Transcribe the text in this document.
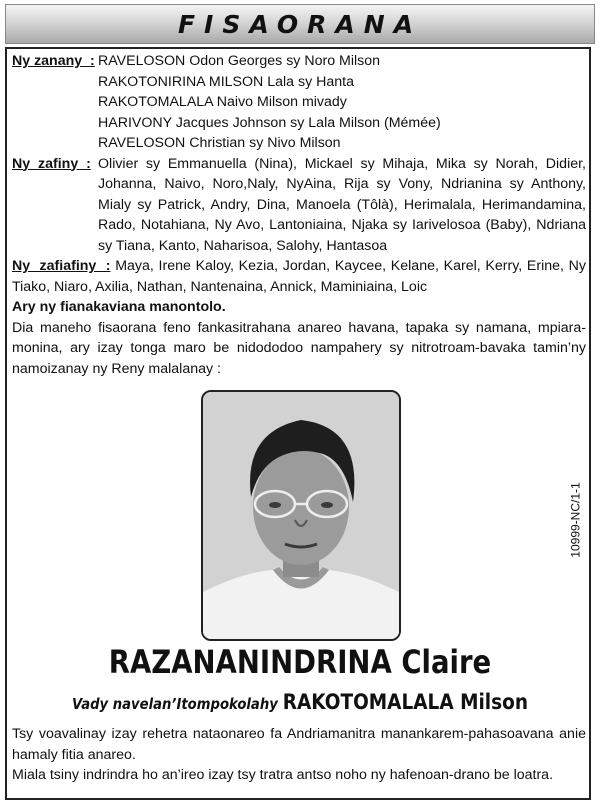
FISAORANA
Ny zanany  : RAVELOSON Odon Georges sy Noro Milson
RAKOTONIRINA MILSON Lala sy Hanta
RAKOTOMALALA Naivo Milson mivady
HARIVONY Jacques Johnson sy Lala Milson (Mémée)
RAVELOSON Christian sy Nivo Milson
Ny  zafiny  : Olivier sy Emmanuella (Nina), Mickael sy Mihaja, Mika sy Norah, Didier, Johanna, Naivo, Noro,Naly, NyAina, Rija sy Vony, Ndrianina sy Anthony, Mialy sy Patrick, Andry, Dina, Manoela (Tôlà), Herimalala, Herimandamina, Rado, Notahiana, Ny Avo, Lantoniaina, Njaka sy Iarivelosoa (Baby), Ndriana sy Tiana, Kanto, Naharisoa, Salohy, Hantasoa
Ny  zafiafiny  : Maya, Irene Kaloy, Kezia, Jordan, Kaycee, Kelane, Karel, Kerry, Erine, Ny Tiako, Niaro, Axilia, Nathan, Nantenaina, Annick, Maminiaina, Loic
Ary ny fianakaviana manontolo.
Dia maneho fisaorana feno fankasitrahana anareo havana, tapaka sy namana, mpiara-monina, ary izay tonga maro be nidododoo nampahery sy nitrotroam-bavaka tamin’ny namoizanay ny Reny malalanay :
10999-NC/1-1
RAZANANINDRINA Claire
Vady navelan’Itompokolahy RAKOTOMALALA Milson
Tsy voavalinay izay rehetra nataonareo fa Andriamanitra manankarem-pahasoavana anie hamaly fitia anareo.
Miala tsiny indrindra ho an’ireo izay tsy tratra antso noho ny hafenoan-drano be loatra.
